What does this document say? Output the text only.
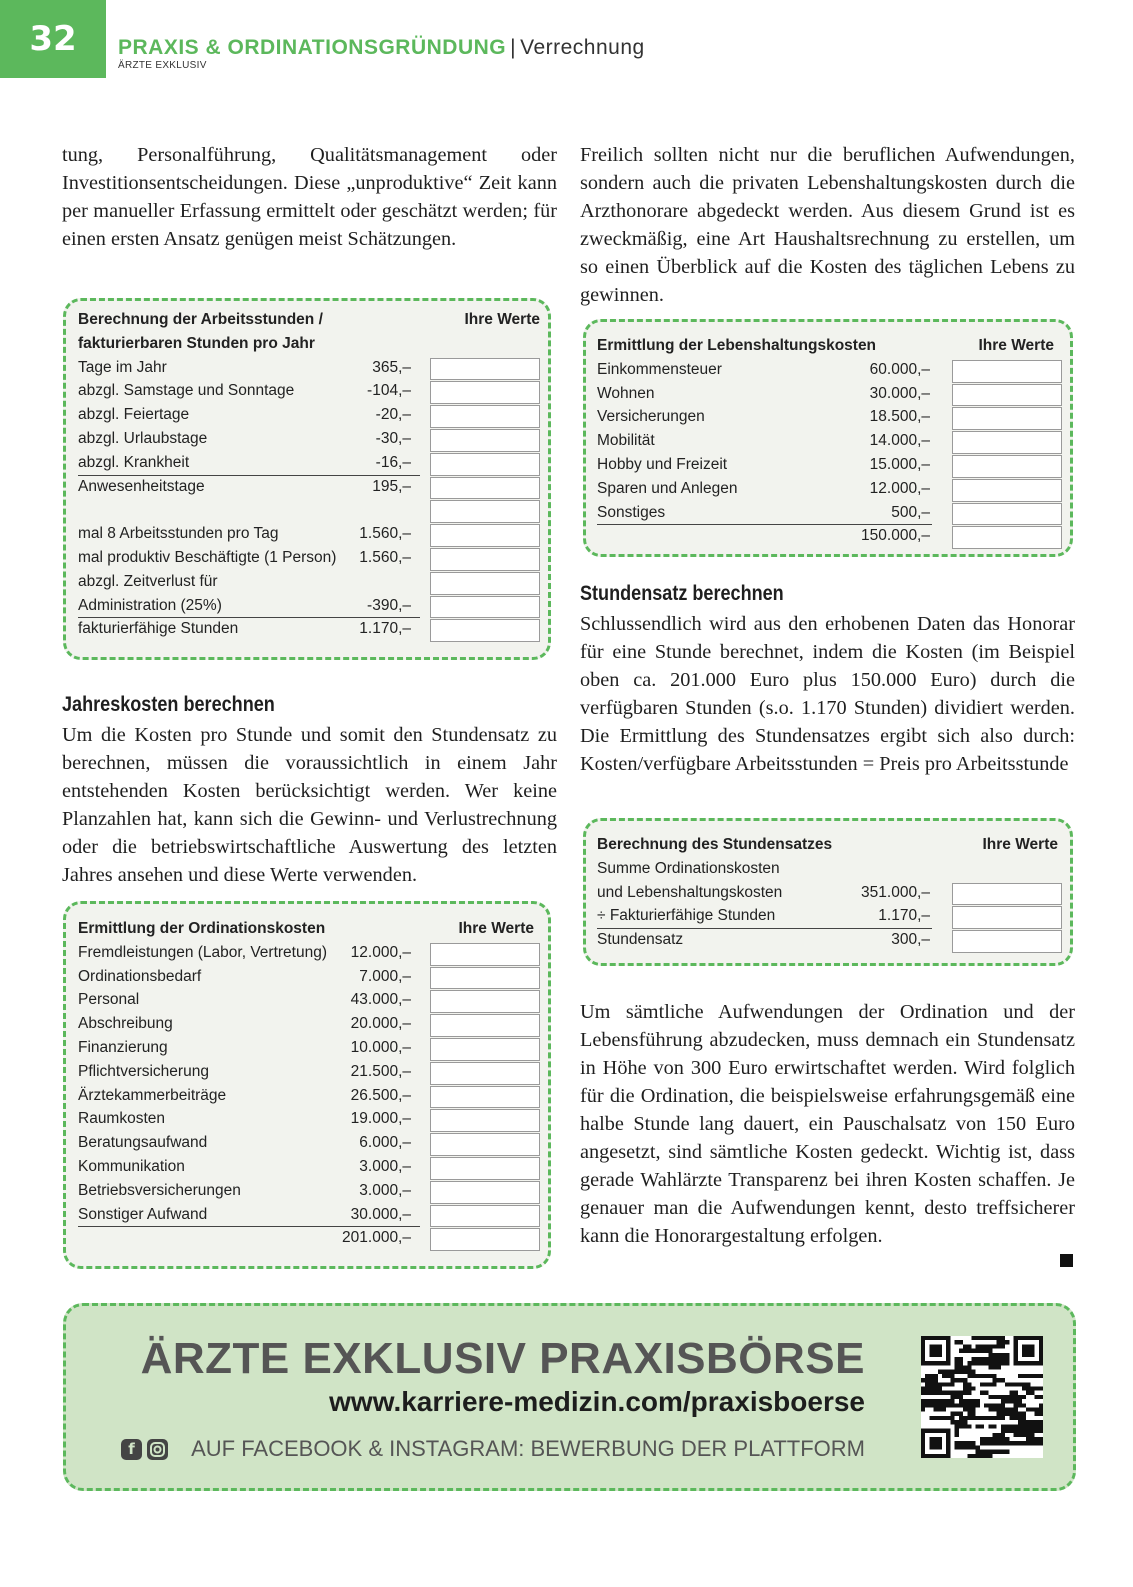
32	PRAXIS & ORDINATIONSGRÜNDUNG | Verrechnung
ÄRZTE EXKLUSIV
tung, Personalführung, Qualitätsmanagement oder Investitionsentscheidungen. Diese „unproduktive“ Zeit kann per manueller Erfassung ermittelt oder geschätzt werden; für einen ersten Ansatz genügen meist Schätzungen.
Berechnung der Arbeitsstunden /	Ihre Werte
fakturierbaren Stunden pro Jahr
Tage im Jahr	365,–
abzgl. Samstage und Sonntage	-104,–
abzgl. Feiertage	-20,–
abzgl. Urlaubstage	-30,–
abzgl. Krankheit	-16,–
Anwesenheitstage	195,–
mal 8 Arbeitsstunden pro Tag	1.560,–
mal produktiv Beschäftigte (1 Person) 1.560,–
abzgl. Zeitverlust für
Administration (25%)	-390,–
fakturierfähige Stunden	1.170,–
Jahreskosten berechnen
Um die Kosten pro Stunde und somit den Stundensatz zu berechnen, müssen die voraussichtlich in einem Jahr entstehenden Kosten berücksichtigt werden. Wer keine Planzahlen hat, kann sich die Gewinn- und Verlustrechnung oder die betriebswirtschaftliche Auswertung des letzten Jahres ansehen und diese Werte verwenden.
Ermittlung der Ordinationskosten	Ihre Werte
Fremdleistungen (Labor, Vertretung) 12.000,–
Ordinationsbedarf	7.000,–
Personal	43.000,–
Abschreibung	20.000,–
Finanzierung	10.000,–
Pflichtversicherung	21.500,–
Ärztekammerbeiträge	26.500,–
Raumkosten	19.000,–
Beratungsaufwand	6.000,–
Kommunikation	3.000,–
Betriebsversicherungen	3.000,–
Sonstiger Aufwand	30.000,–
201.000,–
Freilich sollten nicht nur die beruflichen Aufwendungen, sondern auch die privaten Lebenshaltungskosten durch die Arzthonorare abgedeckt werden. Aus diesem Grund ist es zweckmäßig, eine Art Haushaltsrechnung zu erstellen, um so einen Überblick auf die Kosten des täglichen Lebens zu gewinnen.
Ermittlung der Lebenshaltungskosten	Ihre Werte
Einkommensteuer	60.000,–
Wohnen	30.000,–
Versicherungen	18.500,–
Mobilität	14.000,–
Hobby und Freizeit	15.000,–
Sparen und Anlegen	12.000,–
Sonstiges	500,–
150.000,–
Stundensatz berechnen
Schlussendlich wird aus den erhobenen Daten das Honorar für eine Stunde berechnet, indem die Kosten (im Beispiel oben ca. 201.000 Euro plus 150.000 Euro) durch die verfügbaren Stunden (s.o. 1.170 Stunden) dividiert werden. Die Ermittlung des Stundensatzes ergibt sich also durch: Kosten/verfügbare Arbeitsstunden = Preis pro Arbeitsstunde
Berechnung des Stundensatzes	Ihre Werte
Summe Ordinationskosten
und Lebenshaltungskosten	351.000,–
÷ Fakturierfähige Stunden	1.170,–
Stundensatz	300,–
Um sämtliche Aufwendungen der Ordination und der Lebensführung abzudecken, muss demnach ein Stundensatz in Höhe von 300 Euro erwirtschaftet werden. Wird folglich für die Ordination, die beispielsweise erfahrungsgemäß eine halbe Stunde lang dauert, ein Pauschalsatz von 150 Euro angesetzt, sind sämtliche Kosten gedeckt. Wichtig ist, dass gerade Wahlärzte Transparenz bei ihren Kosten schaffen. Je genauer man die Aufwendungen kennt, desto treffsicherer kann die Honorargestaltung erfolgen.
ÄRZTE EXKLUSIV PRAXISBÖRSE
www.karriere-medizin.com/praxisboerse
f	AUF FACEBOOK & INSTAGRAM: BEWERBUNG DER PLATTFORM
